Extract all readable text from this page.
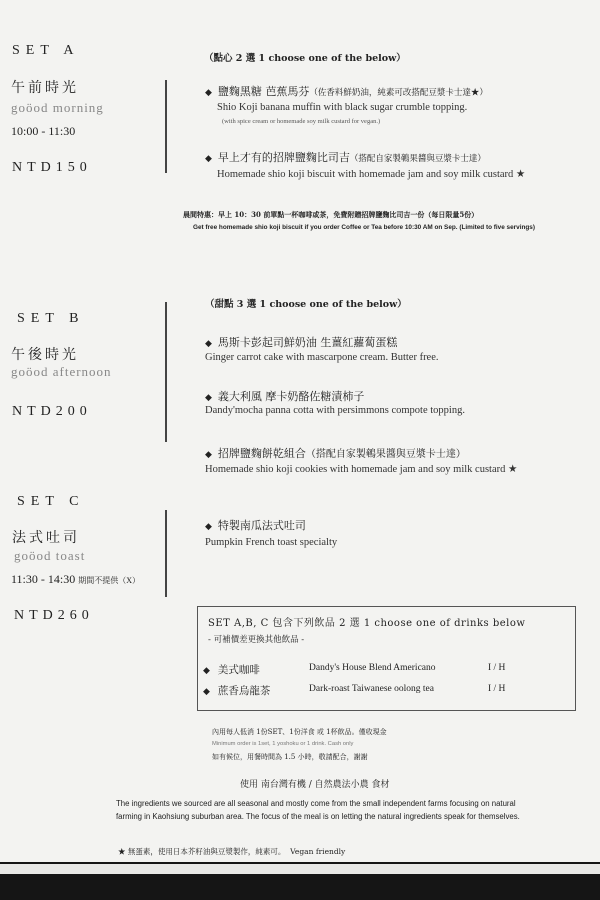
SET A
午前時光
goöod morning
10:00 - 11:30
NTD150
（點心 2 選 1 choose one of the below）
◆ 鹽麴黑糖 芭蕉馬芬（佐香料鮮奶油，純素可改搭配豆漿卡士達★）
Shio Koji banana muffin with black sugar crumble topping.
(with spice cream or homemade soy milk custard for vegan.)
◆ 早上才有的招牌鹽麴比司吉（搭配自家製鵪果醬與豆漿卡士達）
Homemade shio koji biscuit with homemade jam and soy milk custard ★
晨間特惠：早上 10：30 前單點一杯咖啡或茶，免費附贈招牌鹽麴比司吉一份（每日限量5份）
Get free homemade shio koji biscuit if you order Coffee or Tea before 10:30 AM on Sep. (Limited to five servings)
SET B
午後時光
goöod afternoon
NTD200
（甜點 3 選 1 choose one of the below）
◆ 馬斯卡彭起司鮮奶油 生薑紅蘿蔔蛋糕
Ginger carrot cake with mascarpone cream. Butter free.
◆ 義大利風 摩卡奶酪佐糖漬柿子
Dandy'mocha panna cotta with persimmons compote topping.
◆ 招牌鹽麴餅乾組合（搭配自家製鵪果醬與豆漿卡士達）
Homemade shio koji cookies with homemade jam and soy milk custard ★
SET C
法式吐司
goöod toast
11:30 - 14:30 期間不提供（X）
NTD260
◆ 特製南瓜法式吐司
Pumpkin French toast specialty
SET A,B, C 包含下列飲品 2 選 1 choose one of drinks below
- 可補價差更換其他飲品 -
◆ 美式咖啡	Dandy's House Blend Americano	I / H
◆ 蔗香烏龍茶	Dark-roast Taiwanese oolong tea	I / H
內用每人低消 1份SET、1份洋食 或 1杯飲品。僅收現金
Minimum order is 1set, 1 yoshoku or 1 drink. Cash only
如有候位，用餐時間為 1.5 小時，敬請配合，謝謝
使用 南台灣有機 / 自然農法小農 食材
The ingredients we sourced are all seasonal and mostly come from the small independent farms focusing on natural farming in Kaohsiung suburban area. The focus of the meal is on letting the natural ingredients speak for themselves.
★ 無蛋素，使用日本芥籽油與豆漿製作，純素可。 Vegan friendly
